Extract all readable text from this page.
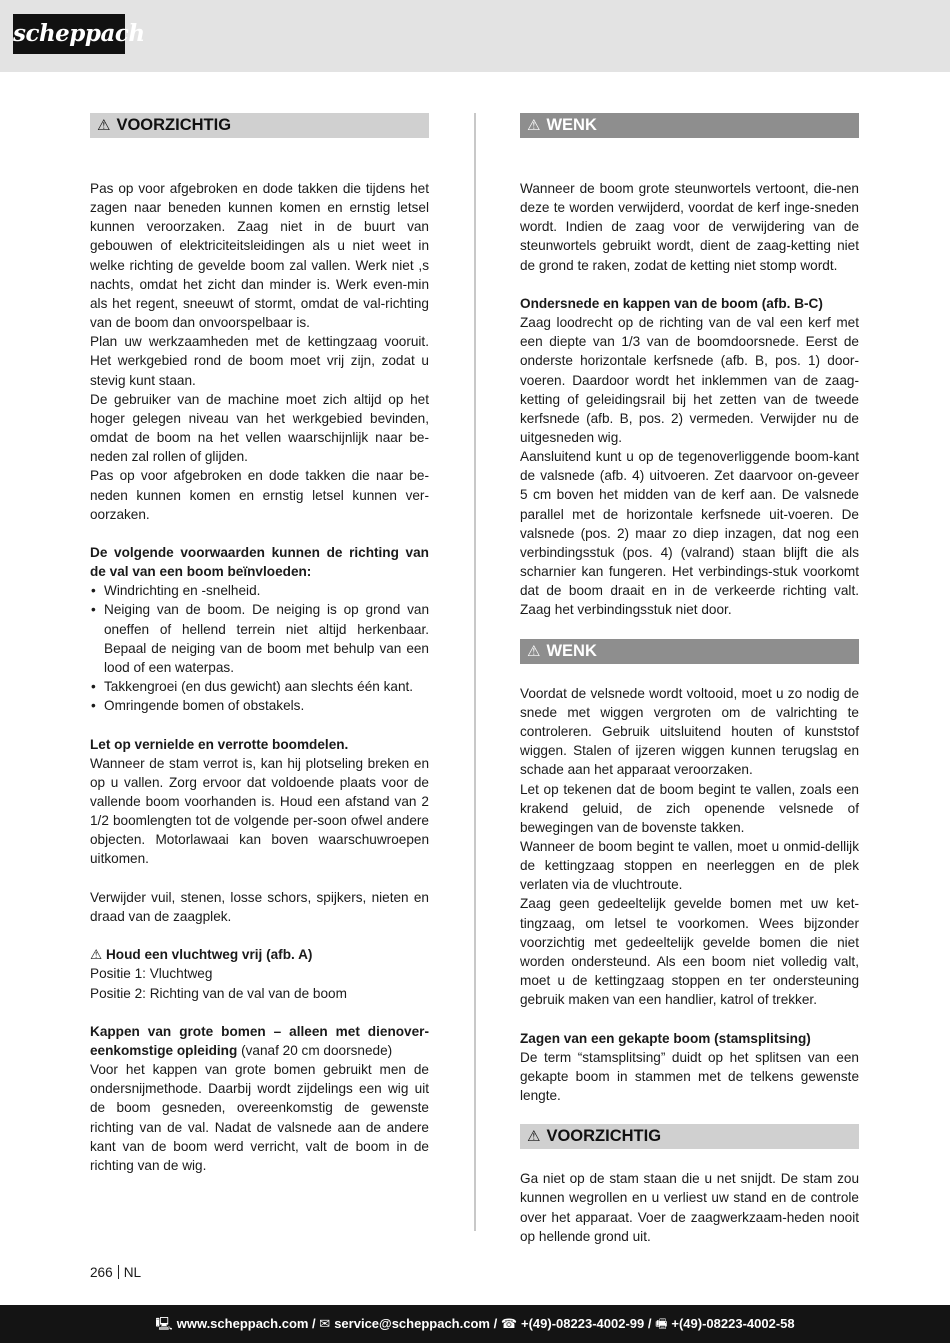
scheppach
⚠ VOORZICHTIG

Pas op voor afgebroken en dode takken die tijdens het zagen naar beneden kunnen komen en ernstig letsel kunnen veroorzaken. Zaag niet in de buurt van gebouwen of elektriciteitsleidingen als u niet weet in welke richting de gevelde boom zal vallen. Werk niet ,s nachts, omdat het zicht dan minder is. Werk even-min als het regent, sneeuwt of stormt, omdat de val-richting van de boom dan onvoorspelbaar is.

Plan uw werkzaamheden met de kettingzaag vooruit. Het werkgebied rond de boom moet vrij zijn, zodat u stevig kunt staan.

De gebruiker van de machine moet zich altijd op het hoger gelegen niveau van het werkgebied bevinden, omdat de boom na het vellen waarschijnlijk naar be-neden zal rollen of glijden.

Pas op voor afgebroken en dode takken die naar be-neden kunnen komen en ernstig letsel kunnen ver-oorzaken.

De volgende voorwaarden kunnen de richting van de val van een boom beïnvloeden:

• Windrichting en -snelheid.
• Neiging van de boom. De neiging is op grond van oneffen of hellend terrein niet altijd herkenbaar. Bepaal de neiging van de boom met behulp van een lood of een waterpas.
• Takkengroei (en dus gewicht) aan slechts één kant.
• Omringende bomen of obstakels.

Let op vernielde en verrotte boomdelen.

Wanneer de stam verrot is, kan hij plotseling breken en op u vallen. Zorg ervoor dat voldoende plaats voor de vallende boom voorhanden is. Houd een afstand van 2 1/2 boomlengten tot de volgende per-soon ofwel andere objecten. Motorlawaai kan boven waarschuwroepen uitkomen.

Verwijder vuil, stenen, losse schors, spijkers, nieten en draad van de zaagplek.

⚠ Houd een vluchtweg vrij (afb. A)

Positie 1: Vluchtweg

Positie 2: Richting van de val van de boom

Kappen van grote bomen – alleen met dienover-eenkomstige opleiding (vanaf 20 cm doorsnede)

Voor het kappen van grote bomen gebruikt men de ondersnijmethode. Daarbij wordt zijdelings een wig uit de boom gesneden, overeenkomstig de gewenste richting van de val. Nadat de valsnede aan de andere kant van de boom werd verricht, valt de boom in de richting van de wig.

⚠ WENK

Wanneer de boom grote steunwortels vertoont, die-nen deze te worden verwijderd, voordat de kerf inge-sneden wordt. Indien de zaag voor de verwijdering van de steunwortels gebruikt wordt, dient de zaag-ketting niet de grond te raken, zodat de ketting niet stomp wordt.

Ondersnede en kappen van de boom (afb. B-C)

Zaag loodrecht op de richting van de val een kerf met een diepte van 1/3 van de boomdoorsnede. Eerst de onderste horizontale kerfsnede (afb. B, pos. 1) door-voeren. Daardoor wordt het inklemmen van de zaag-ketting of geleidingsrail bij het zetten van de tweede kerfsnede (afb. B, pos. 2) vermeden. Verwijder nu de uitgesneden wig.

Aansluitend kunt u op de tegenoverliggende boom-kant de valsnede (afb. 4) uitvoeren. Zet daarvoor on-geveer 5 cm boven het midden van de kerf aan. De valsnede parallel met de horizontale kerfsnede uit-voeren. De valsnede (pos. 2) maar zo diep inzagen, dat nog een verbindingsstuk (pos. 4) (valrand) staan blijft die als scharnier kan fungeren. Het verbindings-stuk voorkomt dat de boom draait en in de verkeerde richting valt. Zaag het verbindingsstuk niet door.

⚠ WENK

Voordat de velsnede wordt voltooid, moet u zo nodig de snede met wiggen vergroten om de valrichting te controleren. Gebruik uitsluitend houten of kunststof wiggen. Stalen of ijzeren wiggen kunnen terugslag en schade aan het apparaat veroorzaken.

Let op tekenen dat de boom begint te vallen, zoals een krakend geluid, de zich openende velsnede of bewegingen van de bovenste takken.

Wanneer de boom begint te vallen, moet u onmid-dellijk de kettingzaag stoppen en neerleggen en de plek verlaten via de vluchtroute.

Zaag geen gedeeltelijk gevelde bomen met uw ket-tingzaag, om letsel te voorkomen. Wees bijzonder voorzichtig met gedeeltelijk gevelde bomen die niet worden ondersteund. Als een boom niet volledig valt, moet u de kettingzaag stoppen en ter ondersteuning gebruik maken van een handlier, katrol of trekker.

Zagen van een gekapte boom (stamsplitsing)

De term “stamsplitsing” duidt op het splitsen van een gekapte boom in stammen met de telkens gewenste lengte.

⚠ VOORZICHTIG

Ga niet op de stam staan die u net snijdt. De stam zou kunnen wegrollen en u verliest uw stand en de controle over het apparaat. Voer de zaagwerkzaam-heden nooit op hellende grond uit.

266 NL
🖳 www.scheppach.com / ✉ service@scheppach.com / ☎ +(49)-08223-4002-99 / 🖷 +(49)-08223-4002-58
